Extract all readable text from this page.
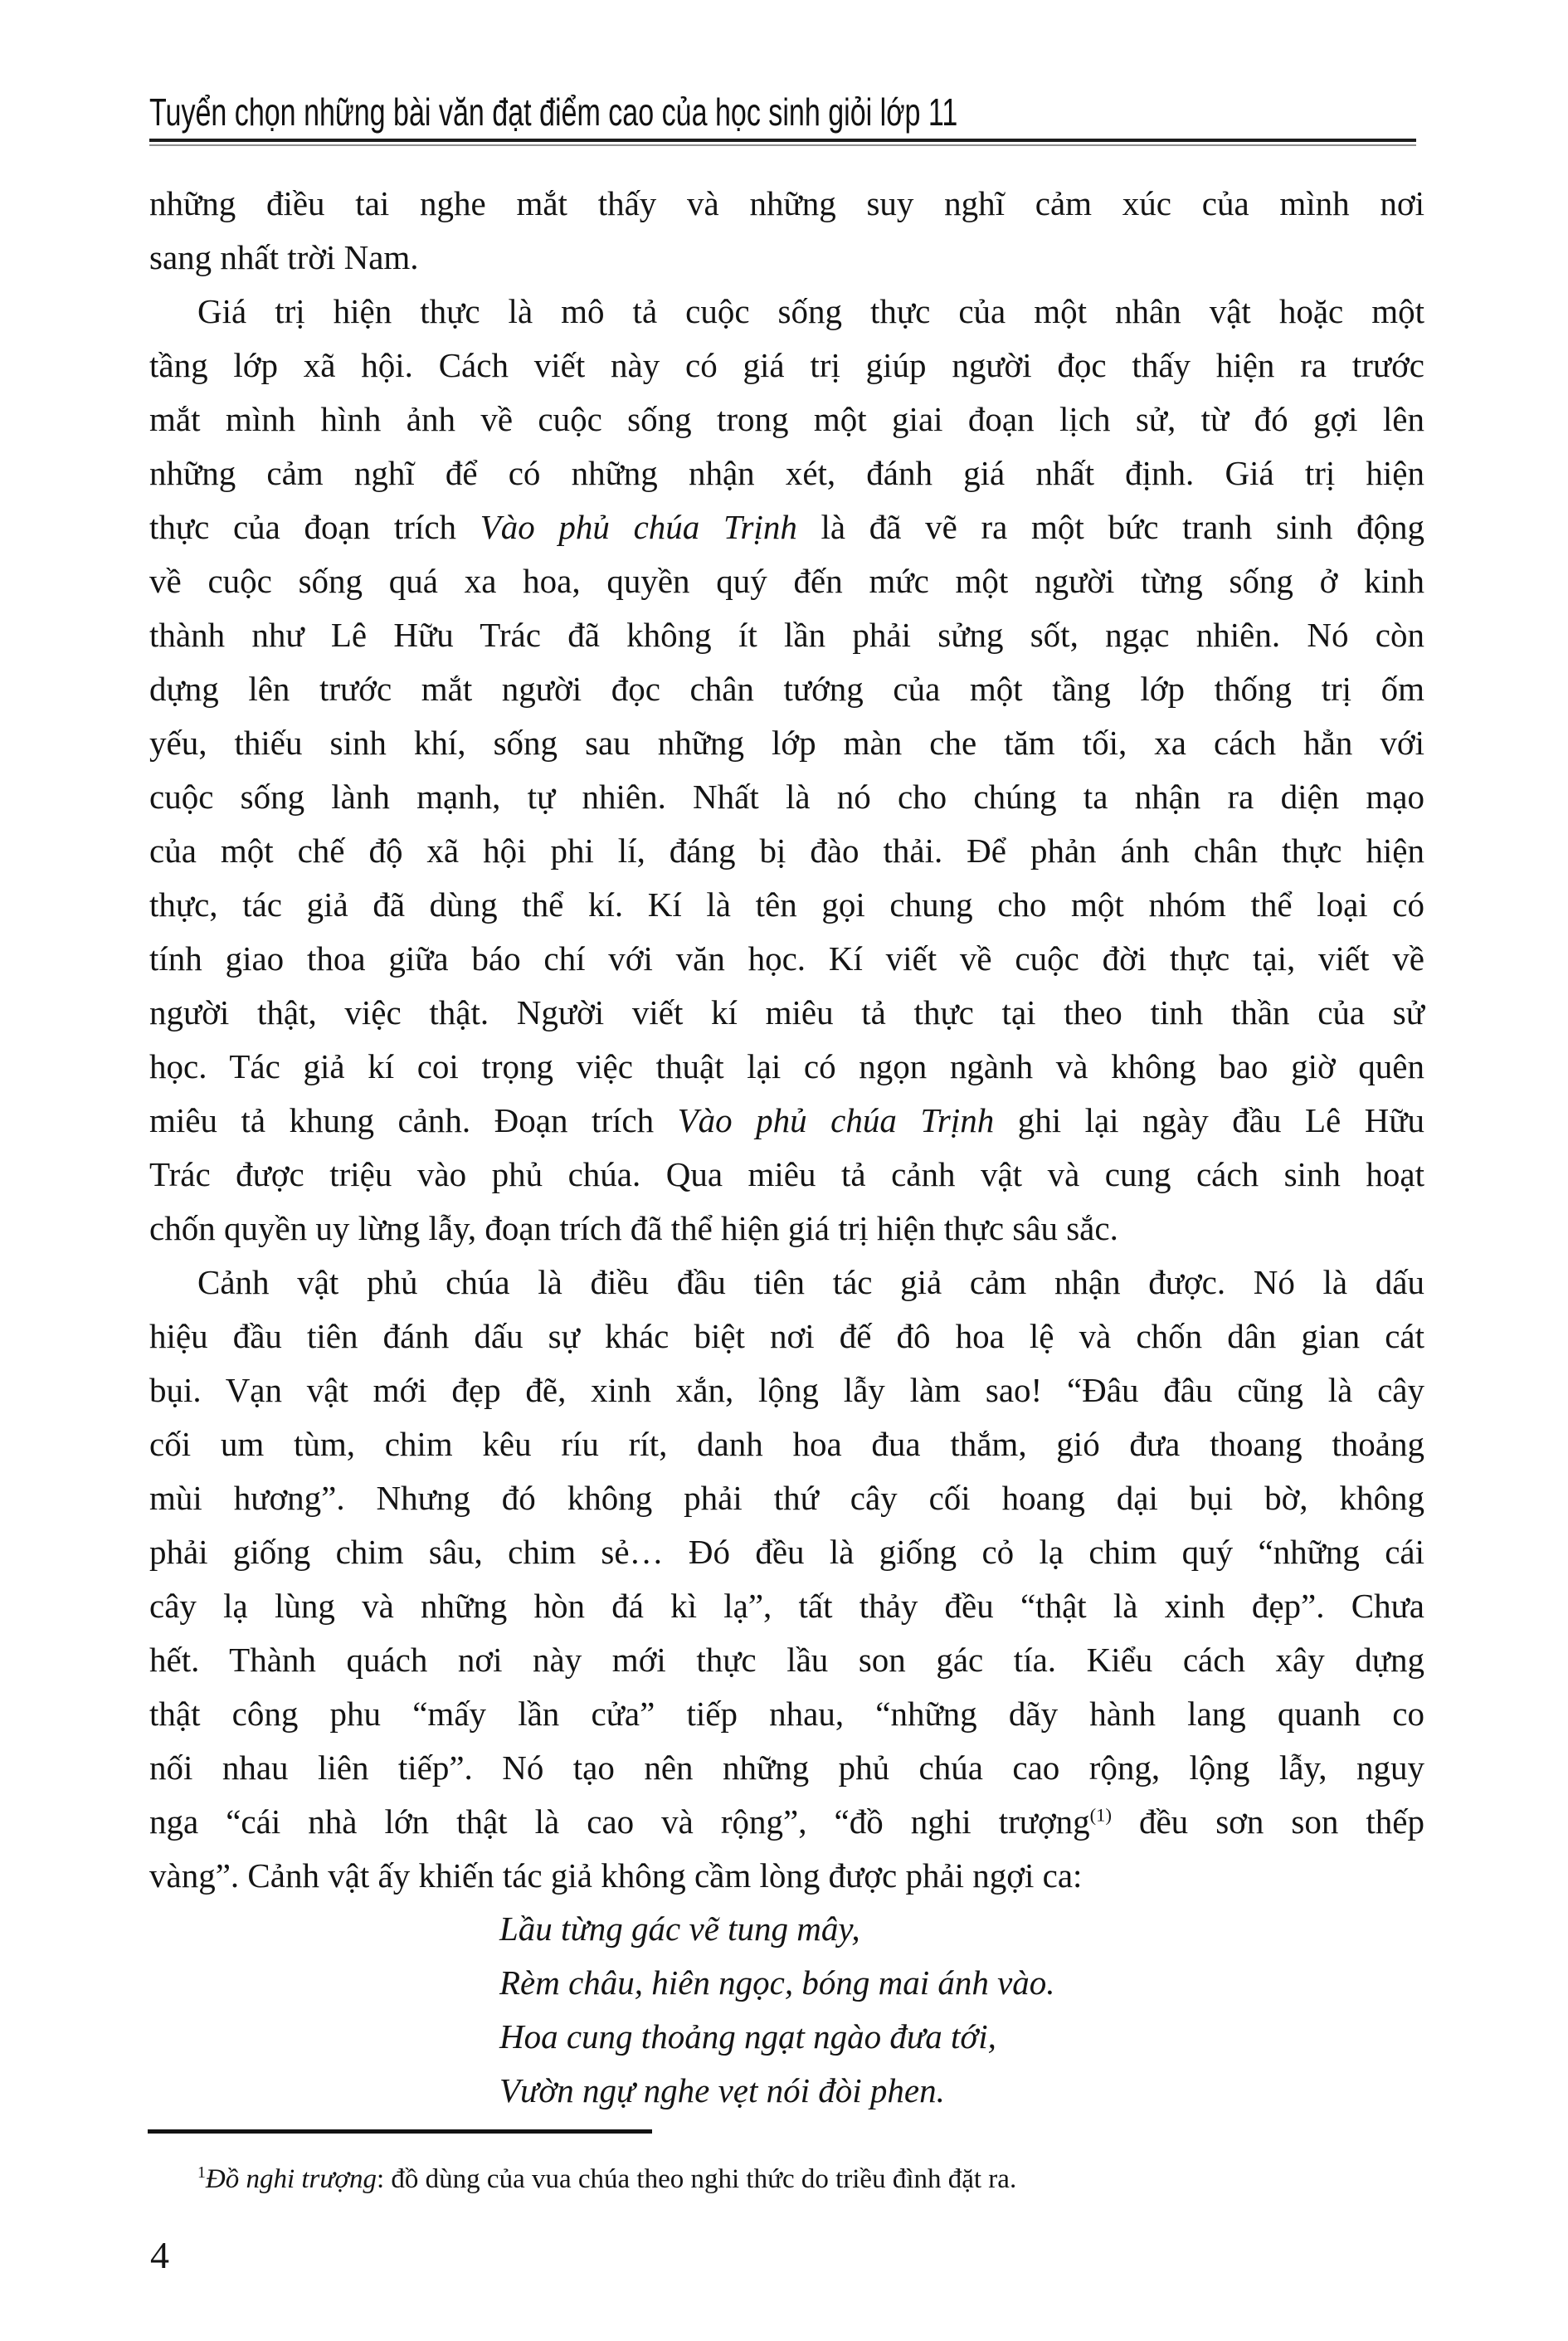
Tuyển chọn những bài văn đạt điểm cao của học sinh giỏi lớp 11
những điều tai nghe mắt thấy và những suy nghĩ cảm xúc của mình nơi
sang nhất trời Nam.
Giá trị hiện thực là mô tả cuộc sống thực của một nhân vật hoặc một
tầng lớp xã hội. Cách viết này có giá trị giúp người đọc thấy hiện ra trước
mắt mình hình ảnh về cuộc sống trong một giai đoạn lịch sử, từ đó gợi lên
những cảm nghĩ để có những nhận xét, đánh giá nhất định. Giá trị hiện
thực của đoạn trích Vào phủ chúa Trịnh là đã vẽ ra một bức tranh sinh động
về cuộc sống quá xa hoa, quyền quý đến mức một người từng sống ở kinh
thành như Lê Hữu Trác đã không ít lần phải sửng sốt, ngạc nhiên. Nó còn
dựng lên trước mắt người đọc chân tướng của một tầng lớp thống trị ốm
yếu, thiếu sinh khí, sống sau những lớp màn che tăm tối, xa cách hẳn với
cuộc sống lành mạnh, tự nhiên. Nhất là nó cho chúng ta nhận ra diện mạo
của một chế độ xã hội phi lí, đáng bị đào thải. Để phản ánh chân thực hiện
thực, tác giả đã dùng thể kí. Kí là tên gọi chung cho một nhóm thể loại có
tính giao thoa giữa báo chí với văn học. Kí viết về cuộc đời thực tại, viết về
người thật, việc thật. Người viết kí miêu tả thực tại theo tinh thần của sử
học. Tác giả kí coi trọng việc thuật lại có ngọn ngành và không bao giờ quên
miêu tả khung cảnh. Đoạn trích Vào phủ chúa Trịnh ghi lại ngày đầu Lê Hữu
Trác được triệu vào phủ chúa. Qua miêu tả cảnh vật và cung cách sinh hoạt
chốn quyền uy lừng lẫy, đoạn trích đã thể hiện giá trị hiện thực sâu sắc.
Cảnh vật phủ chúa là điều đầu tiên tác giả cảm nhận được. Nó là dấu
hiệu đầu tiên đánh dấu sự khác biệt nơi đế đô hoa lệ và chốn dân gian cát
bụi. Vạn vật mới đẹp đẽ, xinh xắn, lộng lẫy làm sao! “Đâu đâu cũng là cây
cối um tùm, chim kêu ríu rít, danh hoa đua thắm, gió đưa thoang thoảng
mùi hương”. Nhưng đó không phải thứ cây cối hoang dại bụi bờ, không
phải giống chim sâu, chim sẻ… Đó đều là giống cỏ lạ chim quý “những cái
cây lạ lùng và những hòn đá kì lạ”, tất thảy đều “thật là xinh đẹp”. Chưa
hết. Thành quách nơi này mới thực lầu son gác tía. Kiểu cách xây dựng
thật công phu “mấy lần cửa” tiếp nhau, “những dãy hành lang quanh co
nối nhau liên tiếp”. Nó tạo nên những phủ chúa cao rộng, lộng lẫy, nguy
nga “cái nhà lớn thật là cao và rộng”, “đồ nghi trượng$^{(1)}$ đều sơn son thếp
vàng”. Cảnh vật ấy khiến tác giả không cầm lòng được phải ngợi ca:
Lầu từng gác vẽ tung mây,
Rèm châu, hiên ngọc, bóng mai ánh vào.
Hoa cung thoảng ngạt ngào đưa tới,
Vườn ngự nghe vẹt nói đòi phen.
$^1$Đồ nghi trượng: đồ dùng của vua chúa theo nghi thức do triều đình đặt ra.
4
